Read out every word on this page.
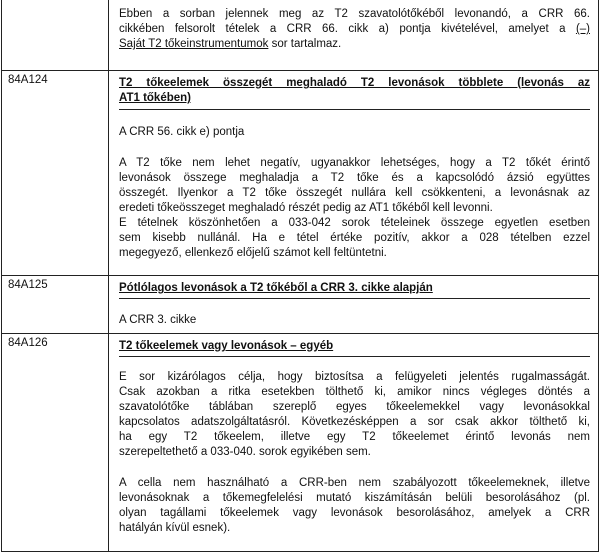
Ebben a sorban jelennek meg az T2 szavatolótőkéből levonandó, a CRR 66.
cikkében felsorolt tételek a CRR 66. cikk a) pontja kivételével, amelyet a (–)
Saját T2 tőkeinstrumentumok sor tartalmaz.
84A124	T2 tőkeelemek összegét meghaladó T2 levonások többlete (levonás az
AT1 tőkében)
A CRR 56. cikk e) pontja
A T2 tőke nem lehet negatív, ugyanakkor lehetséges, hogy a T2 tőkét érintő
levonások összege meghaladja a T2 tőke és a kapcsolódó ázsió együttes
összegét. Ilyenkor a T2 tőke összegét nullára kell csökkenteni, a levonásnak az
eredeti tőkeösszeget meghaladó részét pedig az AT1 tőkéből kell levonni.
E tételnek köszönhetően a 033-042 sorok tételeinek összege egyetlen esetben
sem kisebb nullánál. Ha e tétel értéke pozitív, akkor a 028 tételben ezzel
megegyező, ellenkező előjelű számot kell feltüntetni.
84A125	Pótlólagos levonások a T2 tőkéből a CRR 3. cikke alapján
A CRR 3. cikke
84A126	T2 tőkeelemek vagy levonások – egyéb
E sor kizárólagos célja, hogy biztosítsa a felügyeleti jelentés rugalmasságát.
Csak azokban a ritka esetekben tölthető ki, amikor nincs végleges döntés a
szavatolótőke táblában szereplő egyes tőkeelemekkel vagy levonásokkal
kapcsolatos adatszolgáltatásról. Következésképpen a sor csak akkor tölthető ki,
ha egy T2 tőkeelem, illetve egy T2 tőkeelemet érintő levonás nem
szerepeltethető a 033-040. sorok egyikében sem.
A cella nem használható a CRR-ben nem szabályozott tőkeelemeknek, illetve
levonásoknak a tőkemegfelelési mutató kiszámításán belüli besorolásához (pl.
olyan tagállami tőkeelemek vagy levonások besorolásához, amelyek a CRR
hatályán kívül esnek).
